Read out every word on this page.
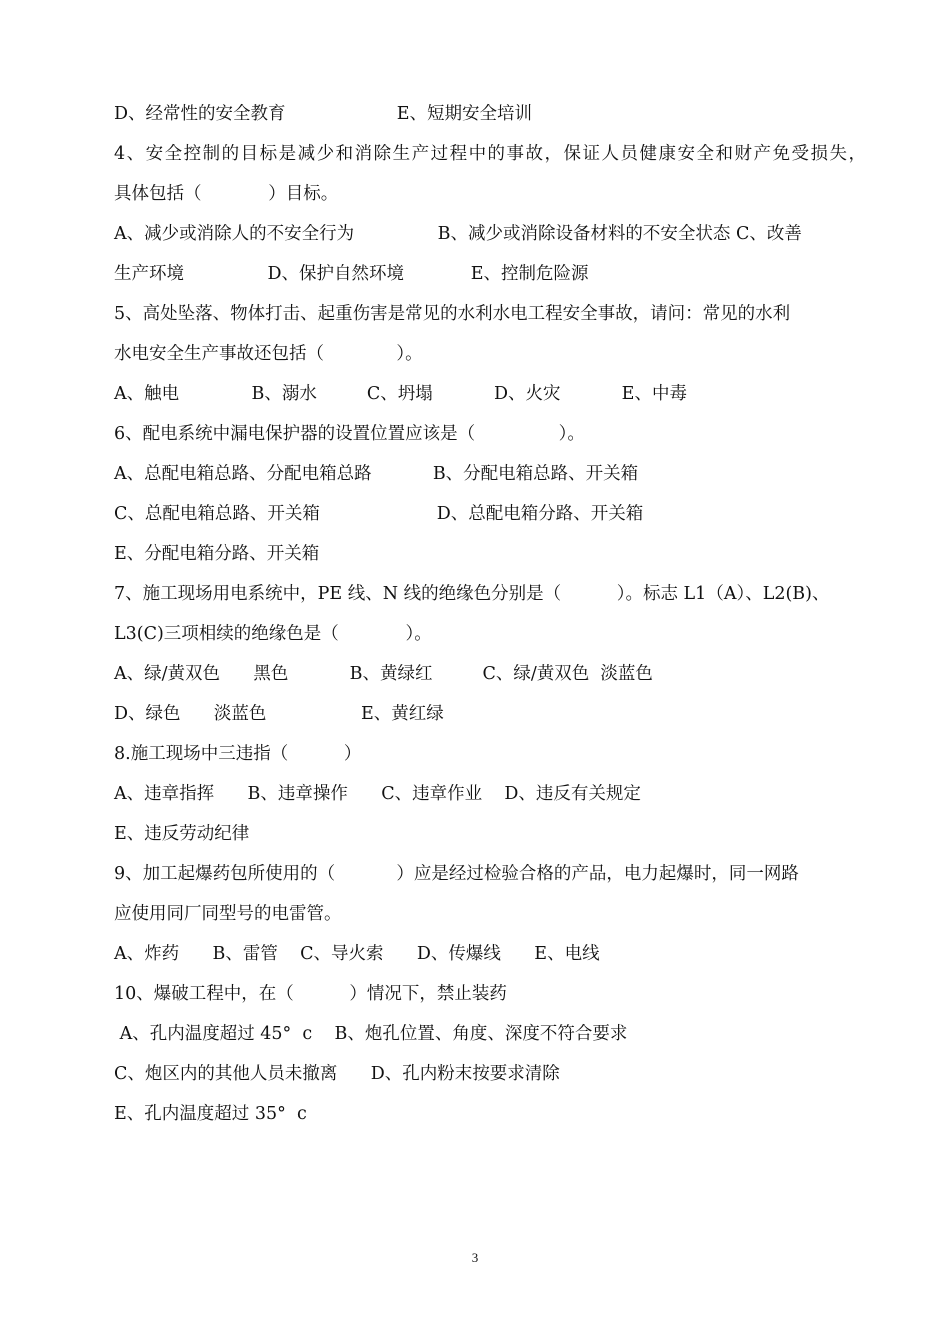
D、经常性的安全教育                    E、短期安全培训
4、安全控制的目标是减少和消除生产过程中的事故，保证人员健康安全和财产免受损失，
具体包括（            ）目标。
A、减少或消除人的不安全行为               B、减少或消除设备材料的不安全状态 C、改善
生产环境               D、保护自然环境            E、控制危险源
5、高处坠落、物体打击、起重伤害是常见的水利水电工程安全事故，请问：常见的水利
水电安全生产事故还包括（             ）。
A、触电             B、溺水         C、坍塌           D、火灾           E、中毒
6、配电系统中漏电保护器的设置位置应该是（               ）。
A、总配电箱总路、分配电箱总路           B、分配电箱总路、开关箱
C、总配电箱总路、开关箱                     D、总配电箱分路、开关箱
E、分配电箱分路、开关箱
7、施工现场用电系统中，PE 线、N 线的绝缘色分别是（          ）。标志 L1（A）、L2(B)、
L3(C)三项相续的绝缘色是（            ）。
A、绿/黄双色      黑色           B、黄绿红         C、绿/黄双色  淡蓝色
D、绿色      淡蓝色                 E、黄红绿
8.施工现场中三违指（          ）
A、违章指挥      B、违章操作      C、违章作业    D、违反有关规定
E、违反劳动纪律
9、加工起爆药包所使用的（           ）应是经过检验合格的产品，电力起爆时，同一网路
应使用同厂同型号的电雷管。
A、炸药      B、雷管    C、导火索      D、传爆线      E、电线
10、爆破工程中，在（          ）情况下，禁止装药
A、孔内温度超过 45°  c    B、炮孔位置、角度、深度不符合要求
C、炮区内的其他人员未撤离      D、孔内粉末按要求清除
E、孔内温度超过 35°  c
3
